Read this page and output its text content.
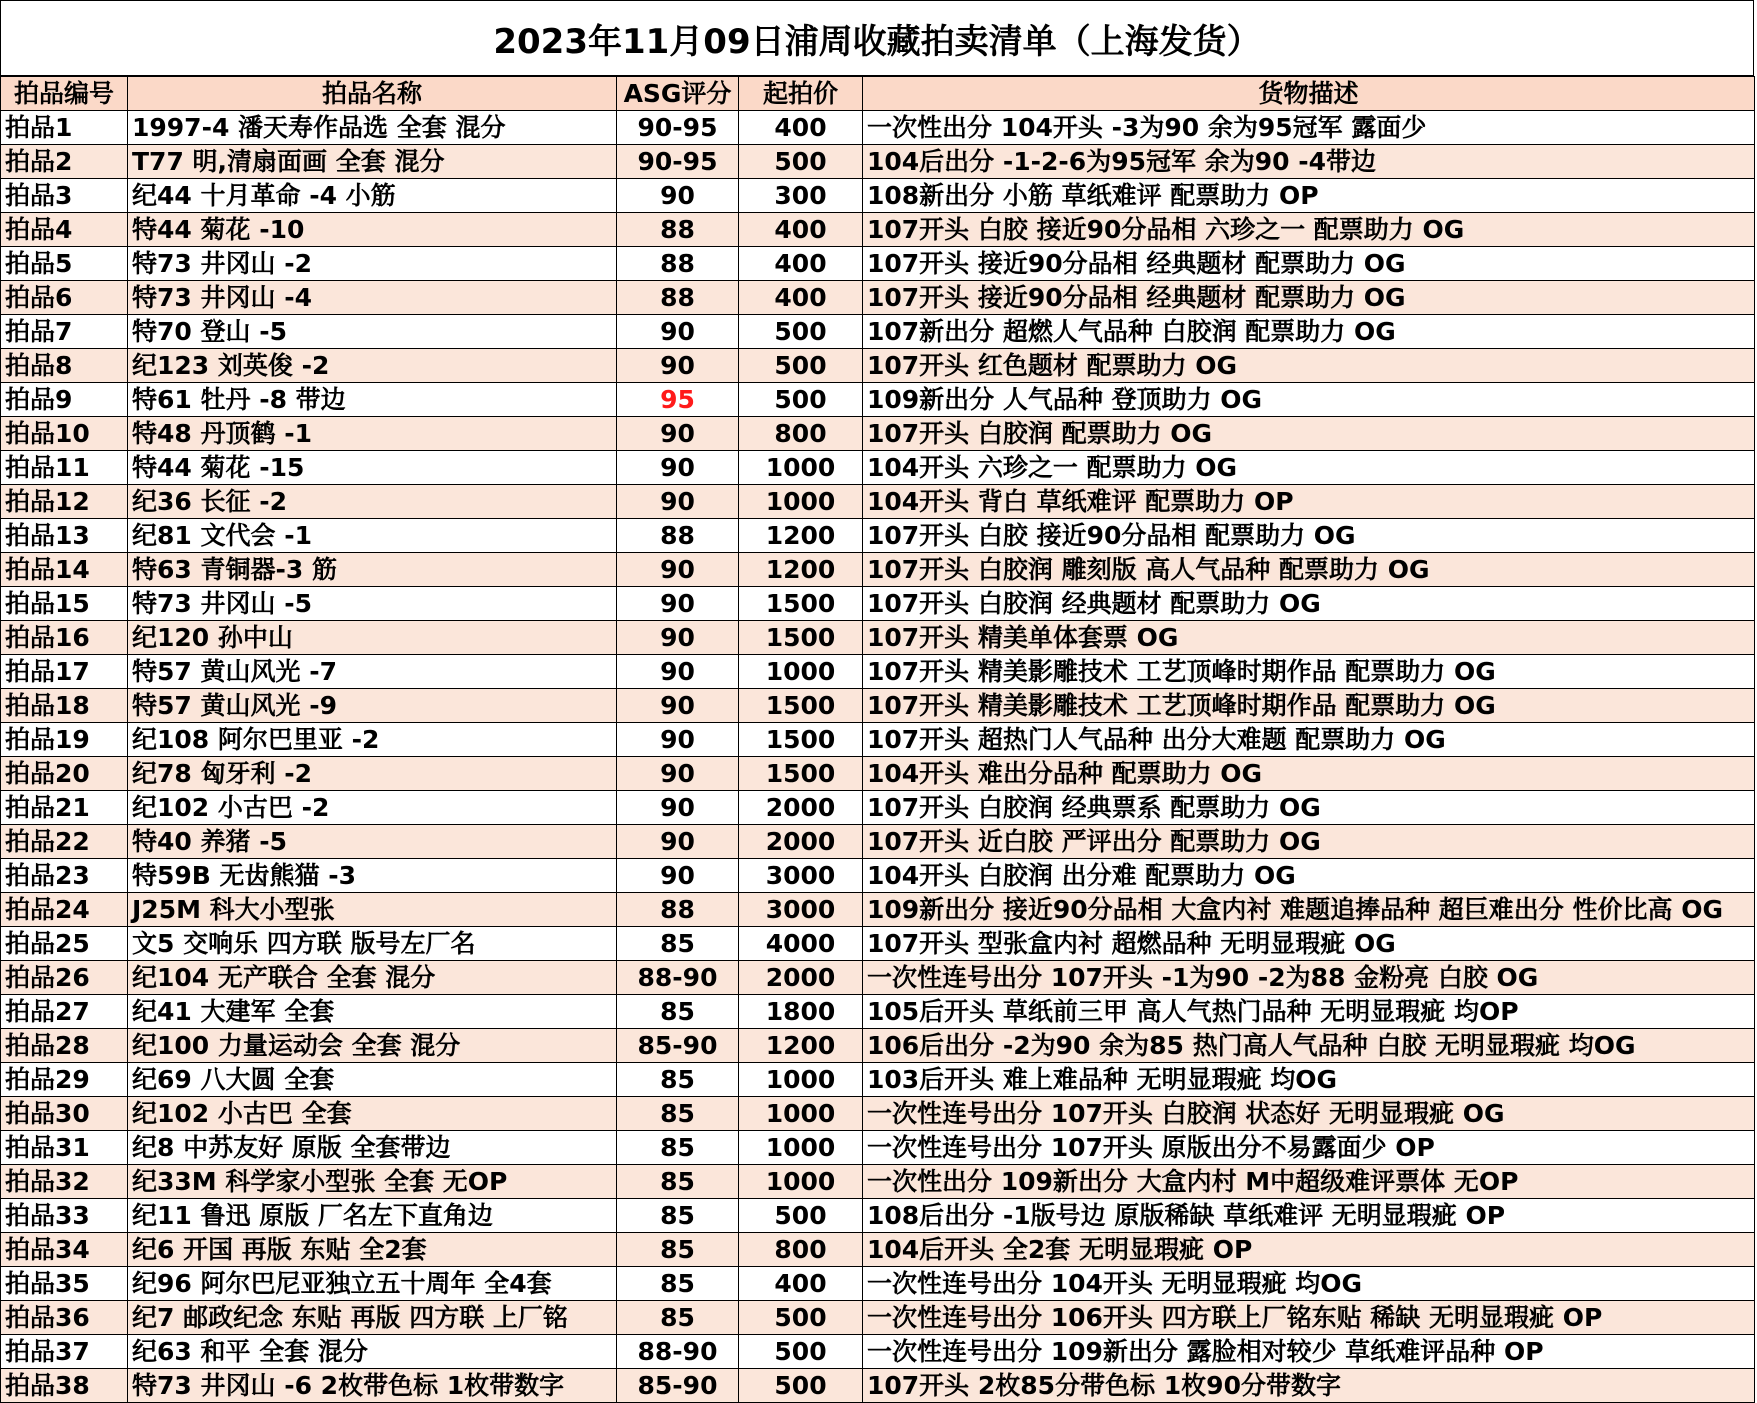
2023年11月09日浦周收藏拍卖清单（上海发货）
拍品编号	拍品名称	ASG评分	起拍价	货物描述
拍品1	1997-4 潘天寿作品选 全套 混分	90-95	400	一次性出分 104开头 -3为90 余为95冠军 露面少
拍品2	T77 明,清扇面画 全套 混分	90-95	500	104后出分 -1-2-6为95冠军 余为90 -4带边
拍品3	纪44 十月革命 -4 小筋	90	300	108新出分 小筋 草纸难评 配票助力 OP
拍品4	特44 菊花 -10	88	400	107开头 白胶 接近90分品相 六珍之一 配票助力 OG
拍品5	特73 井冈山 -2	88	400	107开头 接近90分品相 经典题材 配票助力 OG
拍品6	特73 井冈山 -4	88	400	107开头 接近90分品相 经典题材 配票助力 OG
拍品7	特70 登山 -5	90	500	107新出分 超燃人气品种 白胶润 配票助力 OG
拍品8	纪123 刘英俊 -2	90	500	107开头 红色题材 配票助力 OG
拍品9	特61 牡丹 -8 带边	95	500	109新出分 人气品种 登顶助力 OG
拍品10	特48 丹顶鹤 -1	90	800	107开头 白胶润 配票助力 OG
拍品11	特44 菊花 -15	90	1000	104开头 六珍之一 配票助力 OG
拍品12	纪36 长征 -2	90	1000	104开头 背白 草纸难评 配票助力 OP
拍品13	纪81 文代会 -1	88	1200	107开头 白胶 接近90分品相 配票助力 OG
拍品14	特63 青铜器-3 筋	90	1200	107开头 白胶润 雕刻版 高人气品种 配票助力 OG
拍品15	特73 井冈山 -5	90	1500	107开头 白胶润 经典题材 配票助力 OG
拍品16	纪120 孙中山	90	1500	107开头 精美单体套票 OG
拍品17	特57 黄山风光 -7	90	1000	107开头 精美影雕技术 工艺顶峰时期作品 配票助力 OG
拍品18	特57 黄山风光 -9	90	1500	107开头 精美影雕技术 工艺顶峰时期作品 配票助力 OG
拍品19	纪108 阿尔巴里亚 -2	90	1500	107开头 超热门人气品种 出分大难题 配票助力 OG
拍品20	纪78 匈牙利 -2	90	1500	104开头 难出分品种 配票助力 OG
拍品21	纪102 小古巴 -2	90	2000	107开头 白胶润 经典票系 配票助力 OG
拍品22	特40 养猪 -5	90	2000	107开头 近白胶 严评出分 配票助力 OG
拍品23	特59B 无齿熊猫 -3	90	3000	104开头 白胶润 出分难 配票助力 OG
拍品24	J25M 科大小型张	88	3000	109新出分 接近90分品相 大盒内衬 难题追捧品种 超巨难出分 性价比高 OG
拍品25	文5 交响乐 四方联 版号左厂名	85	4000	107开头 型张盒内衬 超燃品种 无明显瑕疵 OG
拍品26	纪104 无产联合 全套 混分	88-90	2000	一次性连号出分 107开头 -1为90 -2为88 金粉亮 白胶 OG
拍品27	纪41 大建军 全套	85	1800	105后开头 草纸前三甲 高人气热门品种 无明显瑕疵 均OP
拍品28	纪100 力量运动会 全套 混分	85-90	1200	106后出分 -2为90 余为85 热门高人气品种 白胶 无明显瑕疵 均OG
拍品29	纪69 八大圆 全套	85	1000	103后开头 难上难品种 无明显瑕疵 均OG
拍品30	纪102 小古巴 全套	85	1000	一次性连号出分 107开头 白胶润 状态好 无明显瑕疵 OG
拍品31	纪8 中苏友好 原版 全套带边	85	1000	一次性连号出分 107开头 原版出分不易露面少 OP
拍品32	纪33M 科学家小型张 全套 无OP	85	1000	一次性出分 109新出分 大盒内村 M中超级难评票体 无OP
拍品33	纪11 鲁迅 原版 厂名左下直角边	85	500	108后出分 -1版号边 原版稀缺 草纸难评 无明显瑕疵 OP
拍品34	纪6 开国 再版 东贴 全2套	85	800	104后开头 全2套 无明显瑕疵 OP
拍品35	纪96 阿尔巴尼亚独立五十周年 全4套	85	400	一次性连号出分 104开头 无明显瑕疵 均OG
拍品36	纪7 邮政纪念 东贴 再版 四方联 上厂铭	85	500	一次性连号出分 106开头 四方联上厂铭东贴 稀缺 无明显瑕疵 OP
拍品37	纪63 和平 全套 混分	88-90	500	一次性连号出分 109新出分 露脸相对较少 草纸难评品种 OP
拍品38	特73 井冈山 -6 2枚带色标 1枚带数字	85-90	500	107开头 2枚85分带色标 1枚90分带数字
